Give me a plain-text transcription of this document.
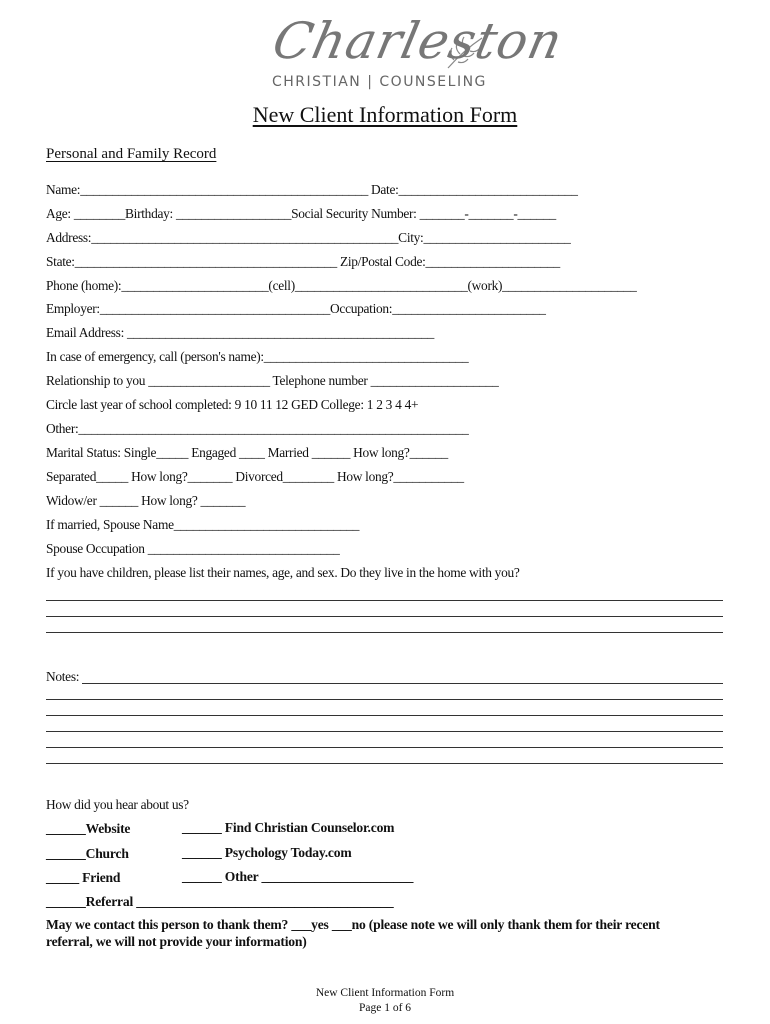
Charleston
CHRISTIAN | COUNSELING
New Client Information Form
Personal and Family Record
Name:_____________________________________________ Date:____________________________
Age: ________Birthday: __________________Social Security Number: _______-_______-______
Address:________________________________________________City:_______________________
State:_________________________________________ Zip/Postal Code:_____________________
Phone (home):_______________________(cell)___________________________(work)_____________________
Employer:____________________________________Occupation:________________________
Email Address: ________________________________________________
In case of emergency, call (person's name):________________________________
Relationship to you ___________________ Telephone number ____________________
Circle last year of school completed: 9 10 11 12 GED College: 1 2 3 4 4+
Other:_____________________________________________________________
Marital Status: Single_____ Engaged ____ Married ______ How long?______
Separated_____ How long?_______ Divorced________ How long?___________
Widow/er ______ How long? _______
If married, Spouse Name_____________________________
Spouse Occupation ______________________________
If you have children, please list their names, age, and sex. Do they live in the home with you?
Notes:
How did you hear about us?
______Website
______Church
_____ Friend
______Referral _______________________________________
______ Find Christian Counselor.com
______ Psychology Today.com
______ Other _______________________
May we contact this person to thank them? ___yes ___no (please note we will only thank them for their recent
referral, we will not provide your information)
New Client Information Form
Page 1 of 6
